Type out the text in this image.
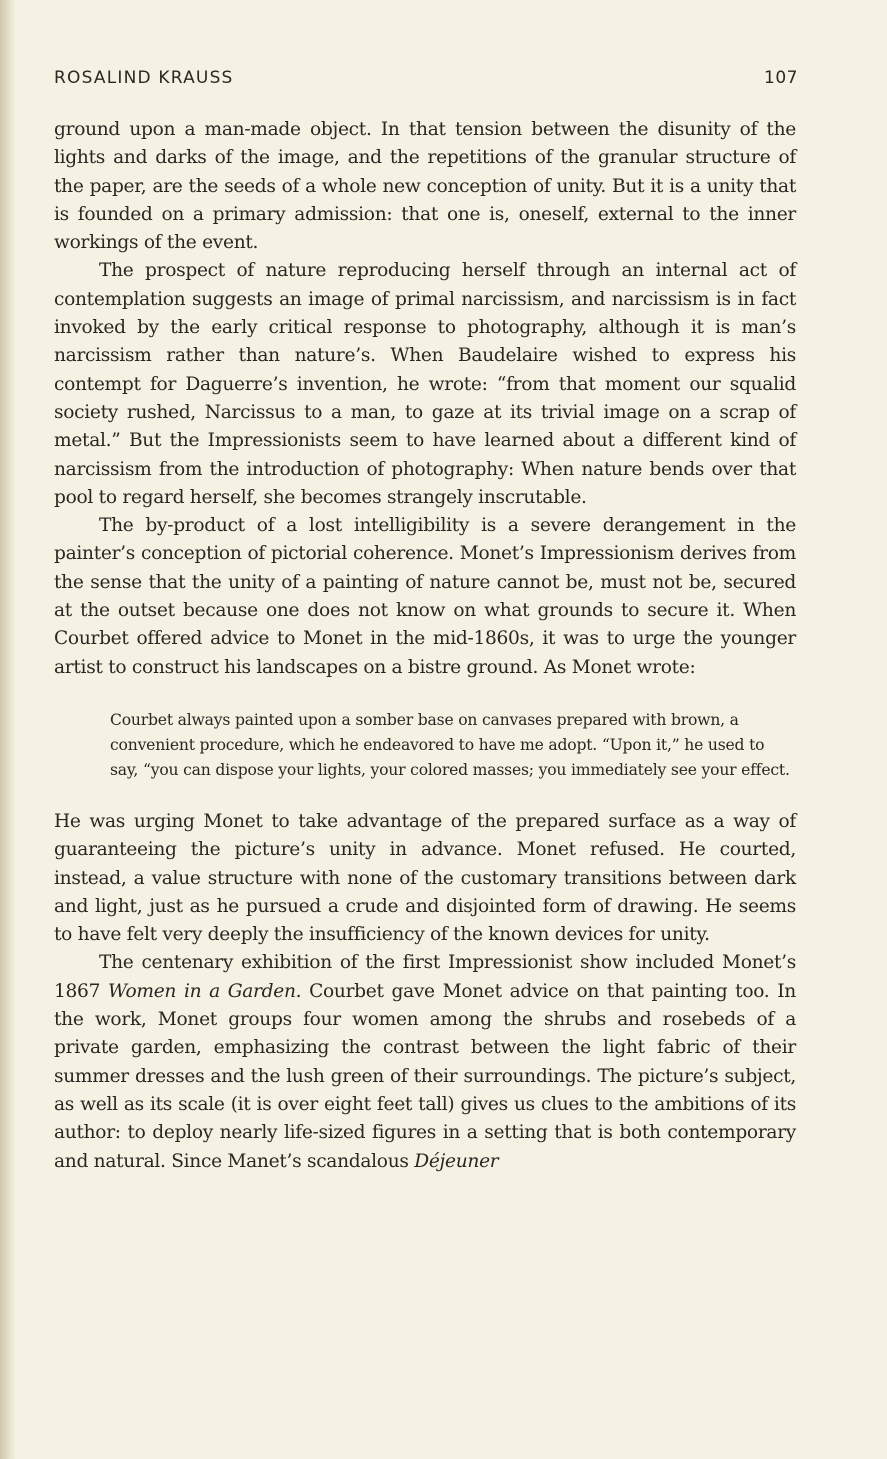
ROSALIND KRAUSS	107

ground upon a man-made object. In that tension between the disunity of the lights and darks of the image, and the repetitions of the granular structure of the paper, are the seeds of a whole new conception of unity. But it is a unity that is founded on a primary admission: that one is, oneself, external to the inner workings of the event.

The prospect of nature reproducing herself through an internal act of contemplation suggests an image of primal narcissism, and narcissism is in fact invoked by the early critical response to photography, although it is man’s narcissism rather than nature’s. When Baudelaire wished to express his contempt for Daguerre’s invention, he wrote: “from that moment our squalid society rushed, Narcissus to a man, to gaze at its trivial image on a scrap of metal.” But the Impressionists seem to have learned about a different kind of narcissism from the introduction of photography: When nature bends over that pool to regard herself, she becomes strangely inscrutable.

The by-product of a lost intelligibility is a severe derangement in the painter’s conception of pictorial coherence. Monet’s Impressionism derives from the sense that the unity of a painting of nature cannot be, must not be, secured at the outset because one does not know on what grounds to secure it. When Courbet offered advice to Monet in the mid-1860s, it was to urge the younger artist to construct his landscapes on a bistre ground. As Monet wrote:

Courbet always painted upon a somber base on canvases prepared with brown, a convenient procedure, which he endeavored to have me adopt. “Upon it,” he used to say, “you can dispose your lights, your colored masses; you immediately see your effect.

He was urging Monet to take advantage of the prepared surface as a way of guaranteeing the picture’s unity in advance. Monet refused. He courted, instead, a value structure with none of the customary transitions between dark and light, just as he pursued a crude and disjointed form of drawing. He seems to have felt very deeply the insufficiency of the known devices for unity.

The centenary exhibition of the first Impressionist show included Monet’s 1867 Women in a Garden. Courbet gave Monet advice on that painting too. In the work, Monet groups four women among the shrubs and rosebeds of a private garden, emphasizing the contrast between the light fabric of their summer dresses and the lush green of their surroundings. The picture’s subject, as well as its scale (it is over eight feet tall) gives us clues to the ambitions of its author: to deploy nearly life-sized figures in a setting that is both contemporary and natural. Since Manet’s scandalous Déjeuner
